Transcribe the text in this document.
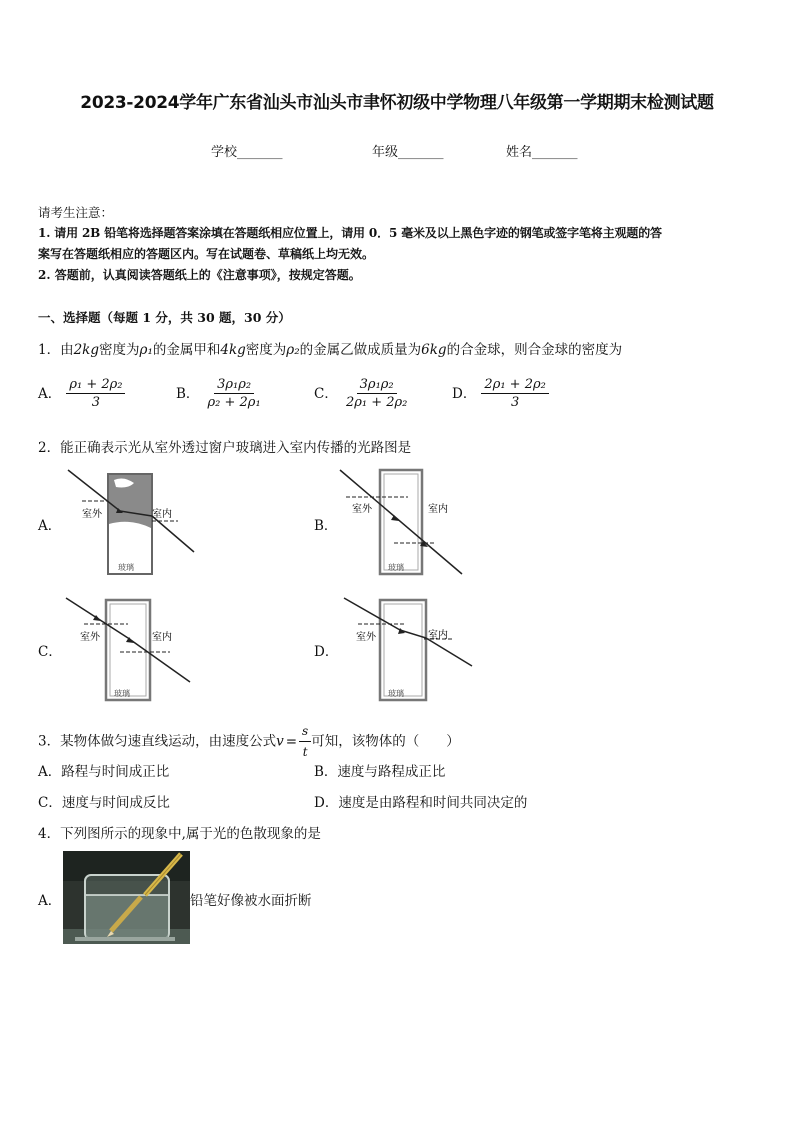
2023-2024学年广东省汕头市汕头市聿怀初级中学物理八年级第一学期期末检测试题
学校_______	年级_______	姓名_______
请考生注意：
1. 请用 2B 铅笔将选择题答案涂填在答题纸相应位置上，请用 0．5 毫米及以上黑色字迹的钢笔或签字笔将主观题的答
案写在答题纸相应的答题区内。写在试题卷、草稿纸上均无效。
2. 答题前，认真阅读答题纸上的《注意事项》，按规定答题。
一、选择题（每题 1 分，共 30 题，30 分）
1．由2kg密度为ρ₁的金属甲和4kg密度为ρ₂的金属乙做成质量为6kg的合金球，则合金球的密度为
A． $\frac{\text{ρ₁ + 2ρ₂}}{3}$	B． $\frac{\text{3ρ₁ρ₂}}{\text{ρ₂ + 2ρ₁}}$	C． $\frac{\text{3ρ₁ρ₂}}{\text{2ρ₁ + 2ρ₂}}$	D． $\frac{\text{2ρ₁ + 2ρ₂}}{3}$
2．能正确表示光从室外透过窗户玻璃进入室内传播的光路图是
A．	B．
C．	D．
室外	室内
玻璃
室外	室内
玻璃
室外	室内
玻璃
室外	室内
玻璃
3．某物体做匀速直线运动，由速度公式$v = \frac{s}{t}$ 可知，该物体的（　　）
A．路程与时间成正比	B．速度与路程成正比
C．速度与时间成反比	D．速度是由路程和时间共同决定的
4．下列图所示的现象中,属于光的色散现象的是
A．	铅笔好像被水面折断
